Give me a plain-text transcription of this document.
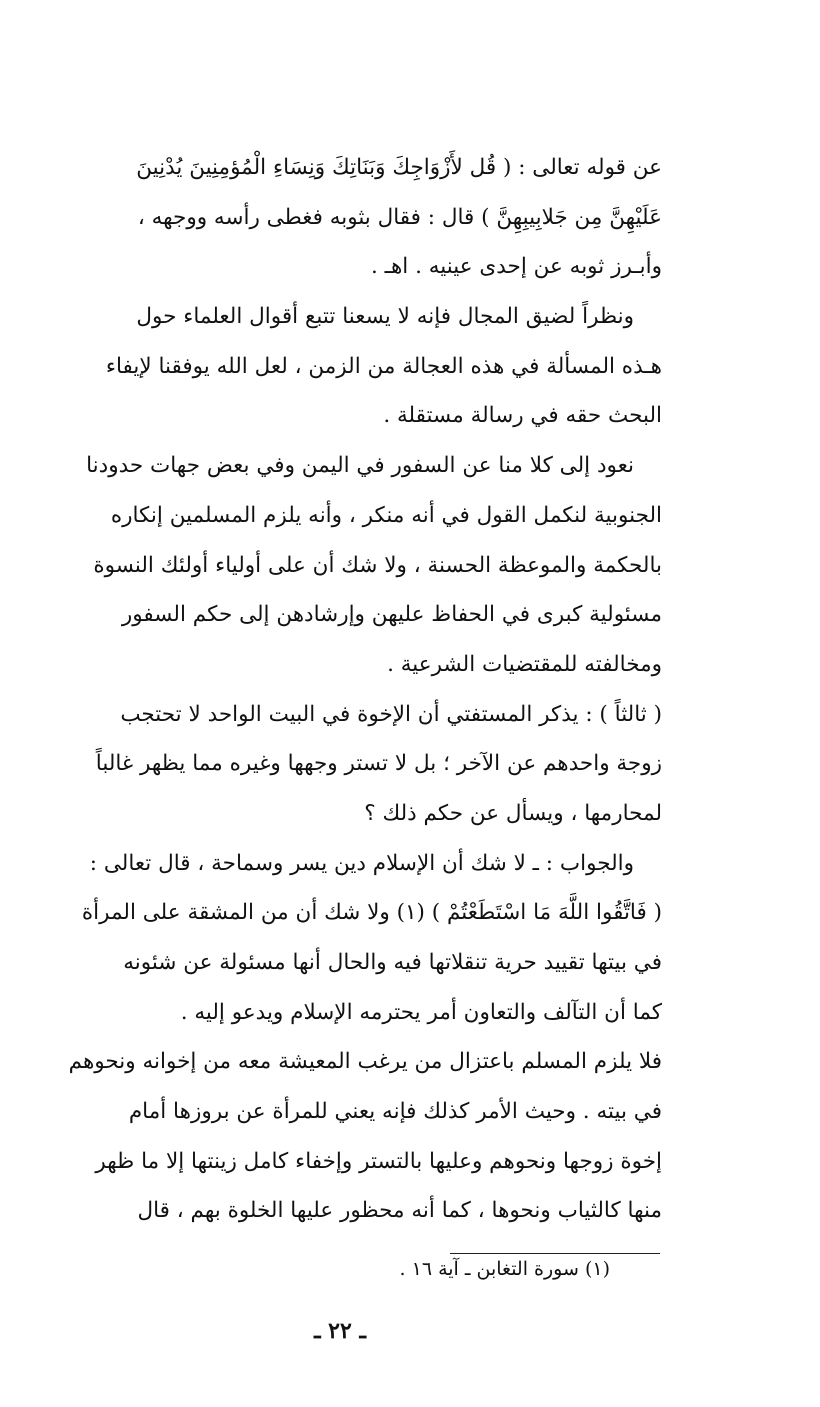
عن قوله تعالى : ( قُل لأَزْوَاجِكَ وَبَنَاتِكَ وَنِسَاءِ الْمُؤمِنِينَ يُدْنِينَ
عَلَيْهِنَّ مِن جَلابِيبِهِنَّ ) قال : فقال بثوبه فغطى رأسه ووجهه ،
وأبـرز ثوبه عن إحدى عينيه . اهـ .
ونظراً لضيق المجال فإنه لا يسعنا تتبع أقوال العلماء حول
هـذه المسألة في هذه العجالة من الزمن ، لعل الله يوفقنا لإيفاء
البحث حقه في رسالة مستقلة .
نعود إلى كلا منا عن السفور في اليمن وفي بعض جهات حدودنا
الجنوبية لنكمل القول في أنه منكر ، وأنه يلزم المسلمين إنكاره
بالحكمة والموعظة الحسنة ، ولا شك أن على أولياء أولئك النسوة
مسئولية كبرى في الحفاظ عليهن وإرشادهن إلى حكم السفور
ومخالفته للمقتضيات الشرعية .
( ثالثاً ) : يذكر المستفتي أن الإخوة في البيت الواحد لا تحتجب
زوجة واحدهم عن الآخر ؛ بل لا تستر وجهها وغيره مما يظهر غالباً
لمحارمها ، ويسأل عن حكم ذلك ؟
والجواب : ـ لا شك أن الإسلام دين يسر وسماحة ، قال تعالى :
( فَاتَّقُوا اللَّهَ مَا اسْتَطَعْتُمْ ) (١) ولا شك أن من المشقة على المرأة
في بيتها تقييد حرية تنقلاتها فيه والحال أنها مسئولة عن شئونه
كما أن التآلف والتعاون أمر يحترمه الإسلام ويدعو إليه .
فلا يلزم المسلم باعتزال من يرغب المعيشة معه من إخوانه ونحوهم
في بيته . وحيث الأمر كذلك فإنه يعني للمرأة عن بروزها أمام
إخوة زوجها ونحوهم وعليها بالتستر وإخفاء كامل زينتها إلا ما ظهر
منها كالثياب ونحوها ، كما أنه محظور عليها الخلوة بهم ، قال
(١) سورة التغابن ـ آية ١٦ .
ـ ٢٢ ـ
